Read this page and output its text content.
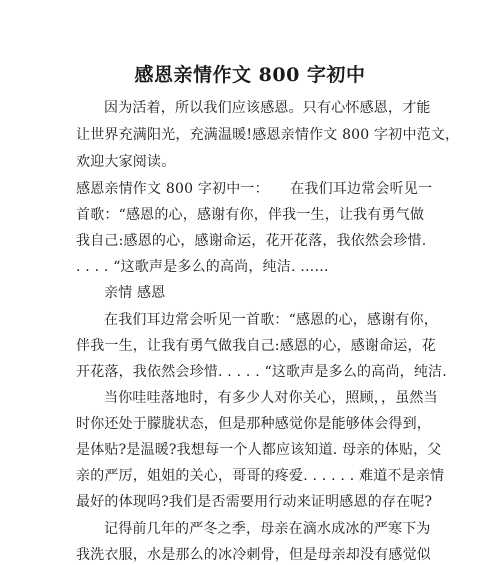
感恩亲情作文 800 字初中
因为活着，所以我们应该感恩。只有心怀感恩，才能
让世界充满阳光，充满温暖!感恩亲情作文 800 字初中范文，
欢迎大家阅读。
感恩亲情作文 800 字初中一：　　在我们耳边常会听见一
首歌：“感恩的心，感谢有你，伴我一生，让我有勇气做
我自己:感恩的心，感谢命运，花开花落，我依然会珍惜.
. . . . “这歌声是多么的高尚，纯洁. ……
亲情 感恩
在我们耳边常会听见一首歌：“感恩的心，感谢有你，
伴我一生，让我有勇气做我自己:感恩的心，感谢命运，花
开花落，我依然会珍惜. . . . . “这歌声是多么的高尚，纯洁.
当你哇哇落地时，有多少人对你关心，照顾，，虽然当
时你还处于朦胧状态，但是那种感觉你是能够体会得到，
是体贴?是温暖?我想每一个人都应该知道. 母亲的体贴，父
亲的严厉，姐姐的关心，哥哥的疼爱. . . . . . 难道不是亲情
最好的体现吗?我们是否需要用行动来证明感恩的存在呢?
记得前几年的严冬之季，母亲在滴水成冰的严寒下为
我洗衣服，水是那么的冰冷刺骨，但是母亲却没有感觉似
